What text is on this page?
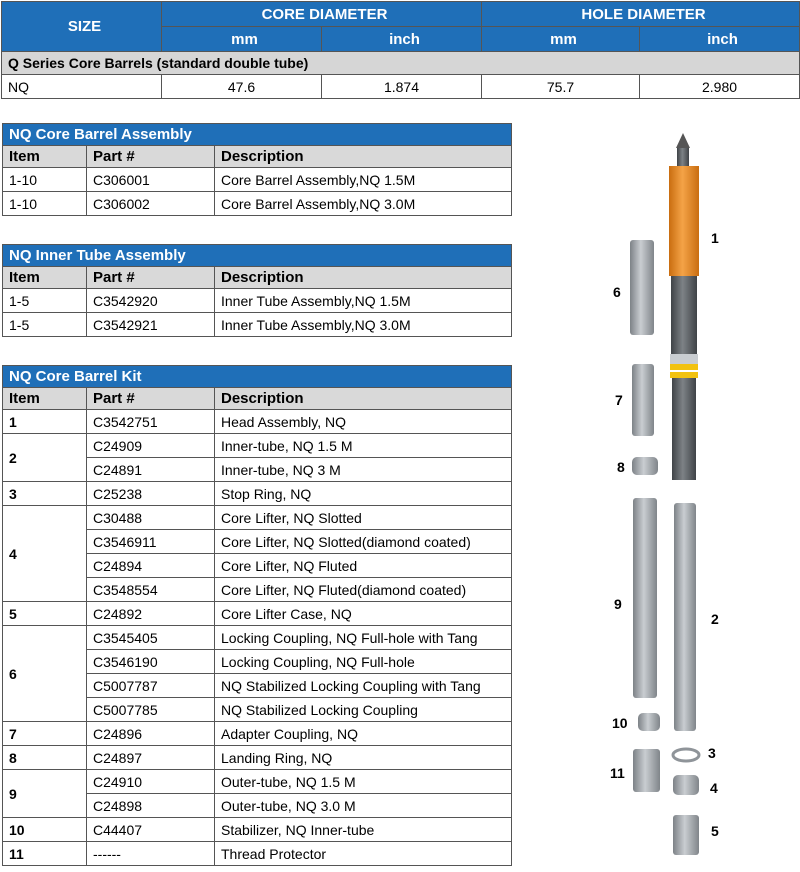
SIZE	CORE DIAMETER		HOLE DIAMETER	
	mm	inch	mm	inch
Q Series Core Barrels (standard double tube)				
NQ	47.6	1.874	75.7	2.980
NQ Core Barrel Assembly		
Item	Part #	Description
1-10	C306001	Core Barrel Assembly,NQ 1.5M
1-10	C306002	Core Barrel Assembly,NQ 3.0M
NQ Inner Tube Assembly		
Item	Part #	Description
1-5	C3542920	Inner Tube Assembly,NQ 1.5M
1-5	C3542921	Inner Tube Assembly,NQ 3.0M
NQ Core Barrel Kit		
Item	Part #	Description
1	C3542751	Head Assembly, NQ
2	C24909	Inner-tube, NQ 1.5 M
	C24891	Inner-tube, NQ 3 M
3	C25238	Stop Ring, NQ
4	C30488	Core Lifter, NQ Slotted
	C3546911	Core Lifter, NQ Slotted(diamond coated)
	C24894	Core Lifter, NQ Fluted
	C3548554	Core Lifter, NQ Fluted(diamond coated)
5	C24892	Core Lifter Case, NQ
6	C3545405	Locking Coupling, NQ Full-hole with Tang
	C3546190	Locking Coupling, NQ Full-hole
	C5007787	NQ Stabilized Locking Coupling with Tang
	C5007785	NQ Stabilized Locking Coupling
7	C24896	Adapter Coupling, NQ
8	C24897	Landing Ring, NQ
9	C24910	Outer-tube, NQ 1.5 M
	C24898	Outer-tube, NQ 3.0 M
10	C44407	Stabilizer, NQ Inner-tube
11	------	Thread Protector
1
2
3
4
5
6
7
8
9
10
11
